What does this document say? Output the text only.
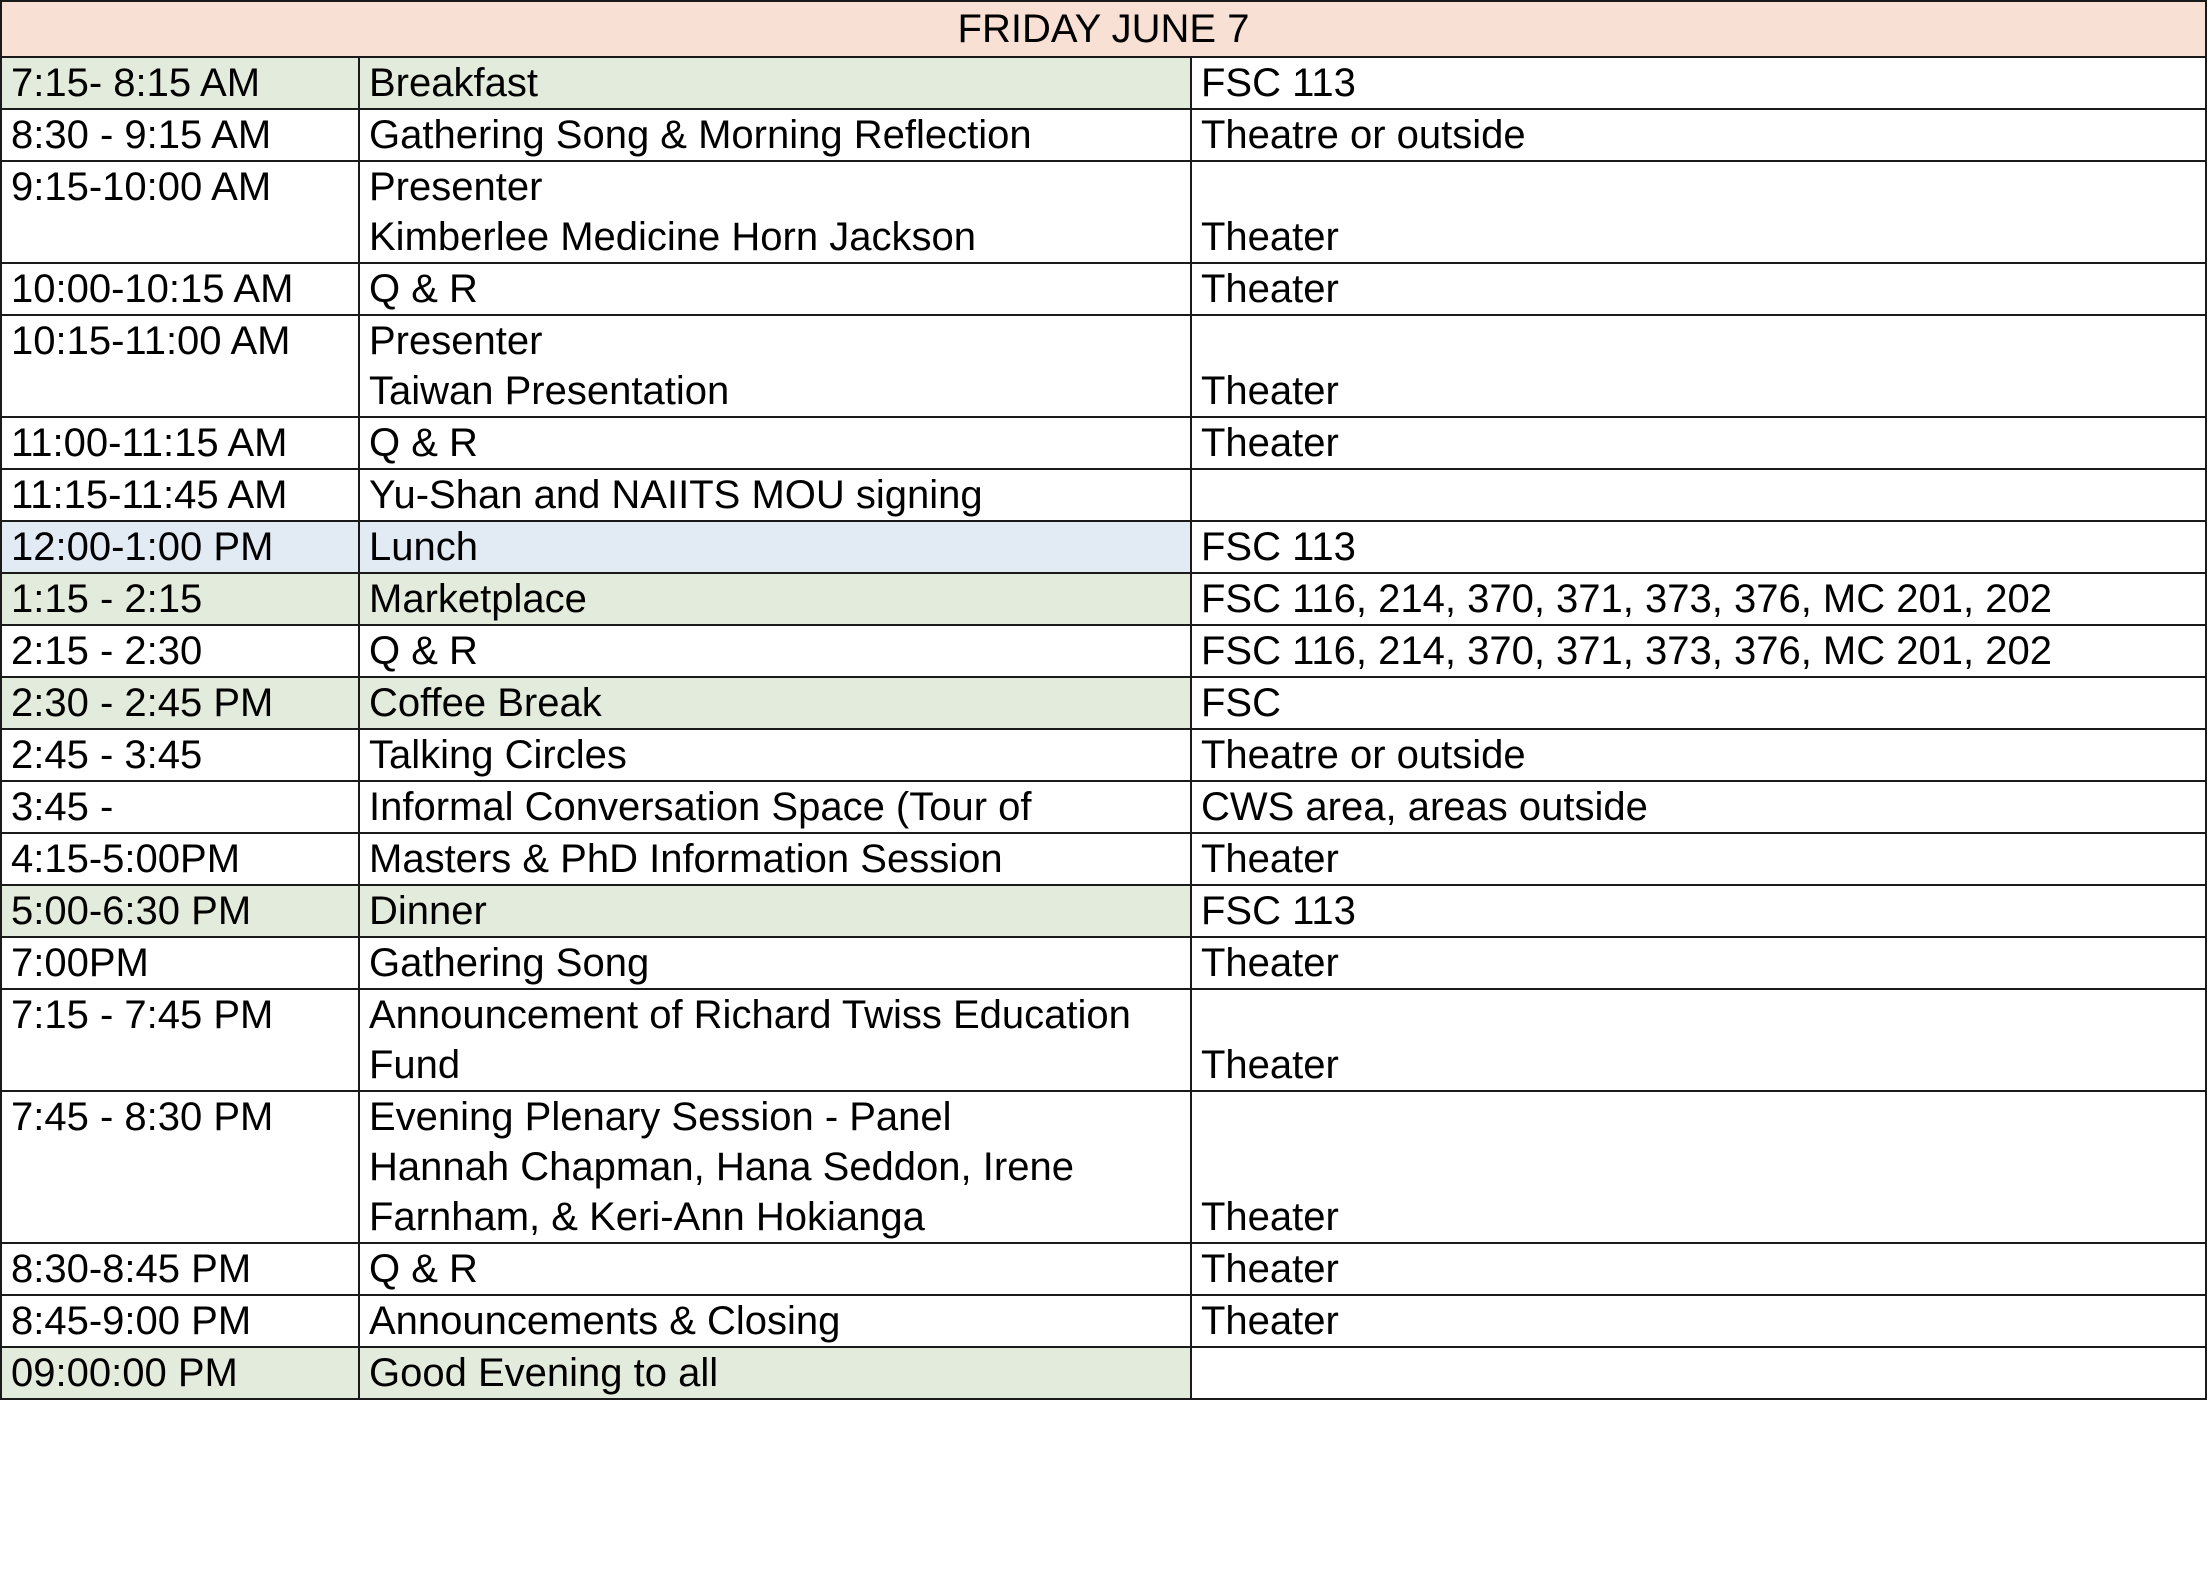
FRIDAY JUNE 7		
7:15- 8:15 AM	Breakfast	FSC 113
8:30 - 9:15 AM	Gathering Song & Morning Reflection	Theatre or outside
9:15-10:00 AM	Presenter
Kimberlee Medicine Horn Jackson	Theater
10:00-10:15 AM	Q & R	Theater
10:15-11:00 AM	Presenter
Taiwan Presentation	Theater
11:00-11:15 AM	Q & R	Theater
11:15-11:45 AM	Yu-Shan and NAIITS MOU signing	

12:00-1:00 PM	Lunch	FSC 113
1:15 - 2:15	Marketplace	FSC 116, 214, 370, 371, 373, 376, MC 201, 202
2:15 - 2:30	Q & R	FSC 116, 214, 370, 371, 373, 376, MC 201, 202
2:30 - 2:45 PM	Coffee Break	FSC
2:45 - 3:45	Talking Circles	Theatre or outside
3:45 -	Informal Conversation Space (Tour of	CWS area, areas outside
4:15-5:00PM	Masters & PhD Information Session	Theater
5:00-6:30 PM	Dinner	FSC 113
7:00PM	Gathering Song	Theater
7:15 - 7:45 PM	Announcement of Richard Twiss Education
Fund	Theater
7:45 - 8:30 PM	Evening Plenary Session - Panel
Hannah Chapman, Hana Seddon, Irene
Farnham, & Keri-Ann Hokianga	Theater
8:30-8:45 PM	Q & R	Theater
8:45-9:00 PM	Announcements & Closing	Theater
09:00:00 PM	Good Evening to all	
